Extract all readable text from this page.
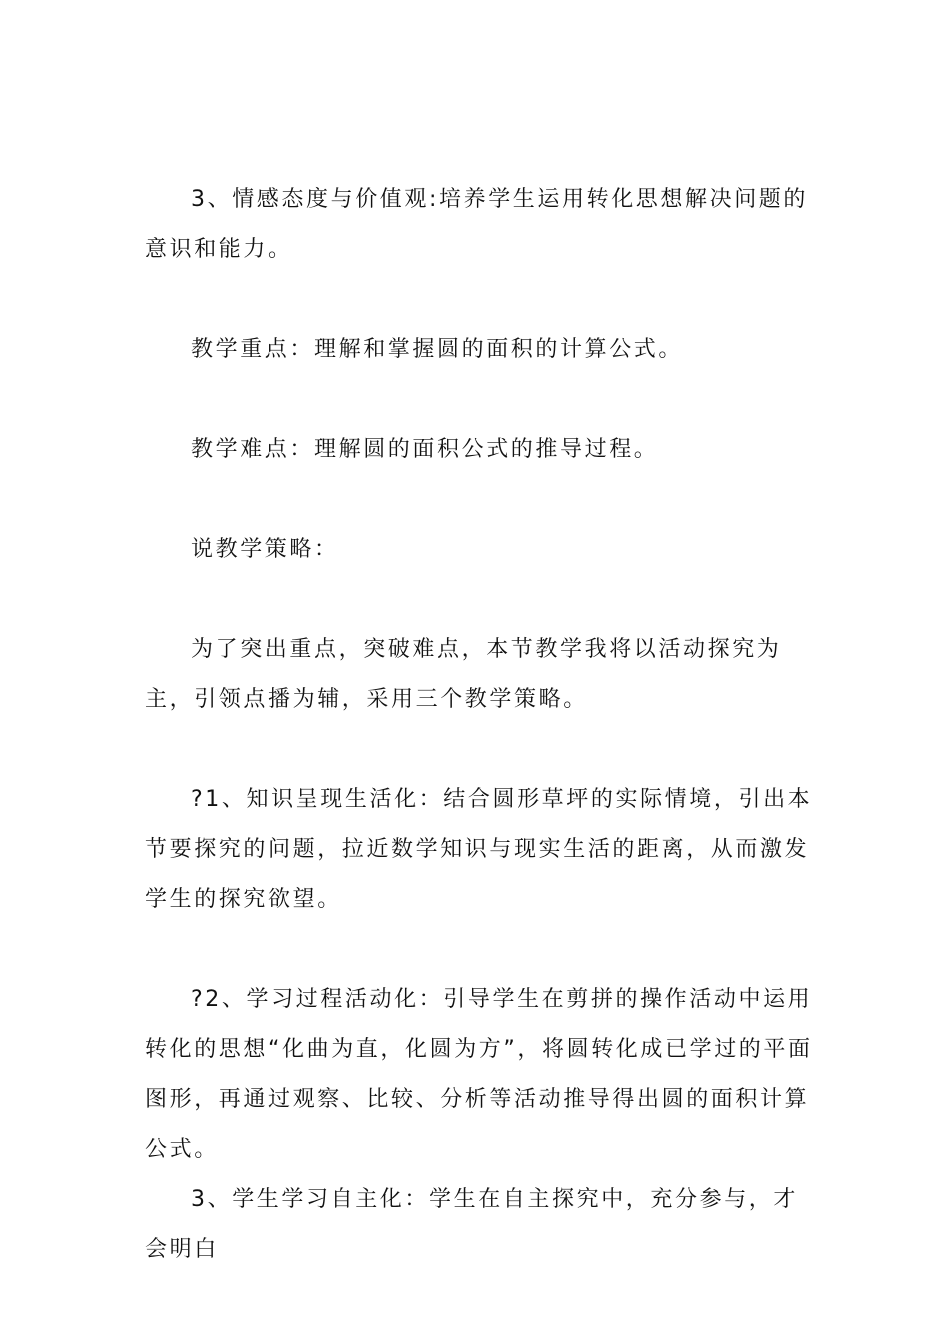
3、情感态度与价值观:培养学生运用转化思想解决问题的意识和能力。

教学重点：理解和掌握圆的面积的计算公式。

教学难点：理解圆的面积公式的推导过程。

说教学策略：

为了突出重点，突破难点，本节教学我将以活动探究为主，引领点播为辅，采用三个教学策略。

?1、知识呈现生活化：结合圆形草坪的实际情境，引出本节要探究的问题，拉近数学知识与现实生活的距离，从而激发学生的探究欲望。

?2、学习过程活动化：引导学生在剪拼的操作活动中运用转化的思想“化曲为直，化圆为方”，将圆转化成已学过的平面图形，再通过观察、比较、分析等活动推导得出圆的面积计算公式。

3、学生学习自主化：学生在自主探究中，充分参与，才会明白
